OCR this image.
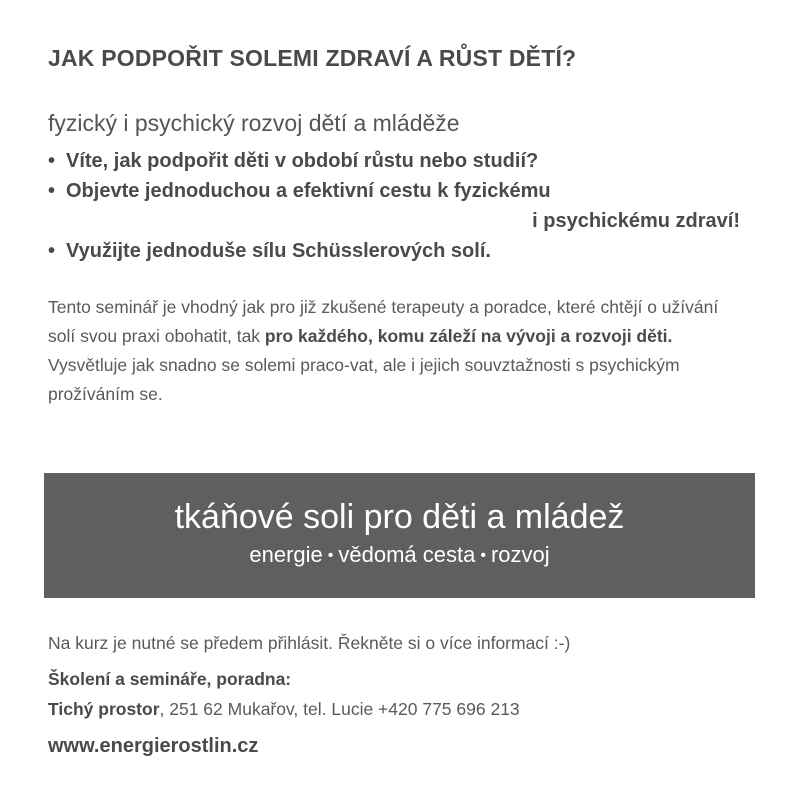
JAK PODPOŘIT SOLEMI ZDRAVÍ A RŮST DĚTÍ?
fyzický i psychický rozvoj dětí a mláděže
• Víte, jak podpořit děti v období růstu nebo studií?
• Objevte jednoduchou a efektivní cestu k fyzickému
i psychickému zdraví!
• Využijte jednoduše sílu Schüsslerových solí.

Tento seminář je vhodný jak pro již zkušené terapeuty a poradce, které chtějí o užívání solí svou praxi obohatit, tak pro každého, komu záleží na vývoji a rozvoji děti. Vysvětluje jak snadno se solemi praco-vat, ale i jejich souvztažnosti s psychickým prožíváním se.

Na kurz je nutné se předem přihlásit. Řekněte si o více informací :-)
Školení a semináře, poradna:
Tichý prostor, 251 62 Mukařov, tel. Lucie +420 775 696 213
www.energierostlin.cz
tkáňové soli pro děti a mládež
energie • vědomá cesta • rozvoj
